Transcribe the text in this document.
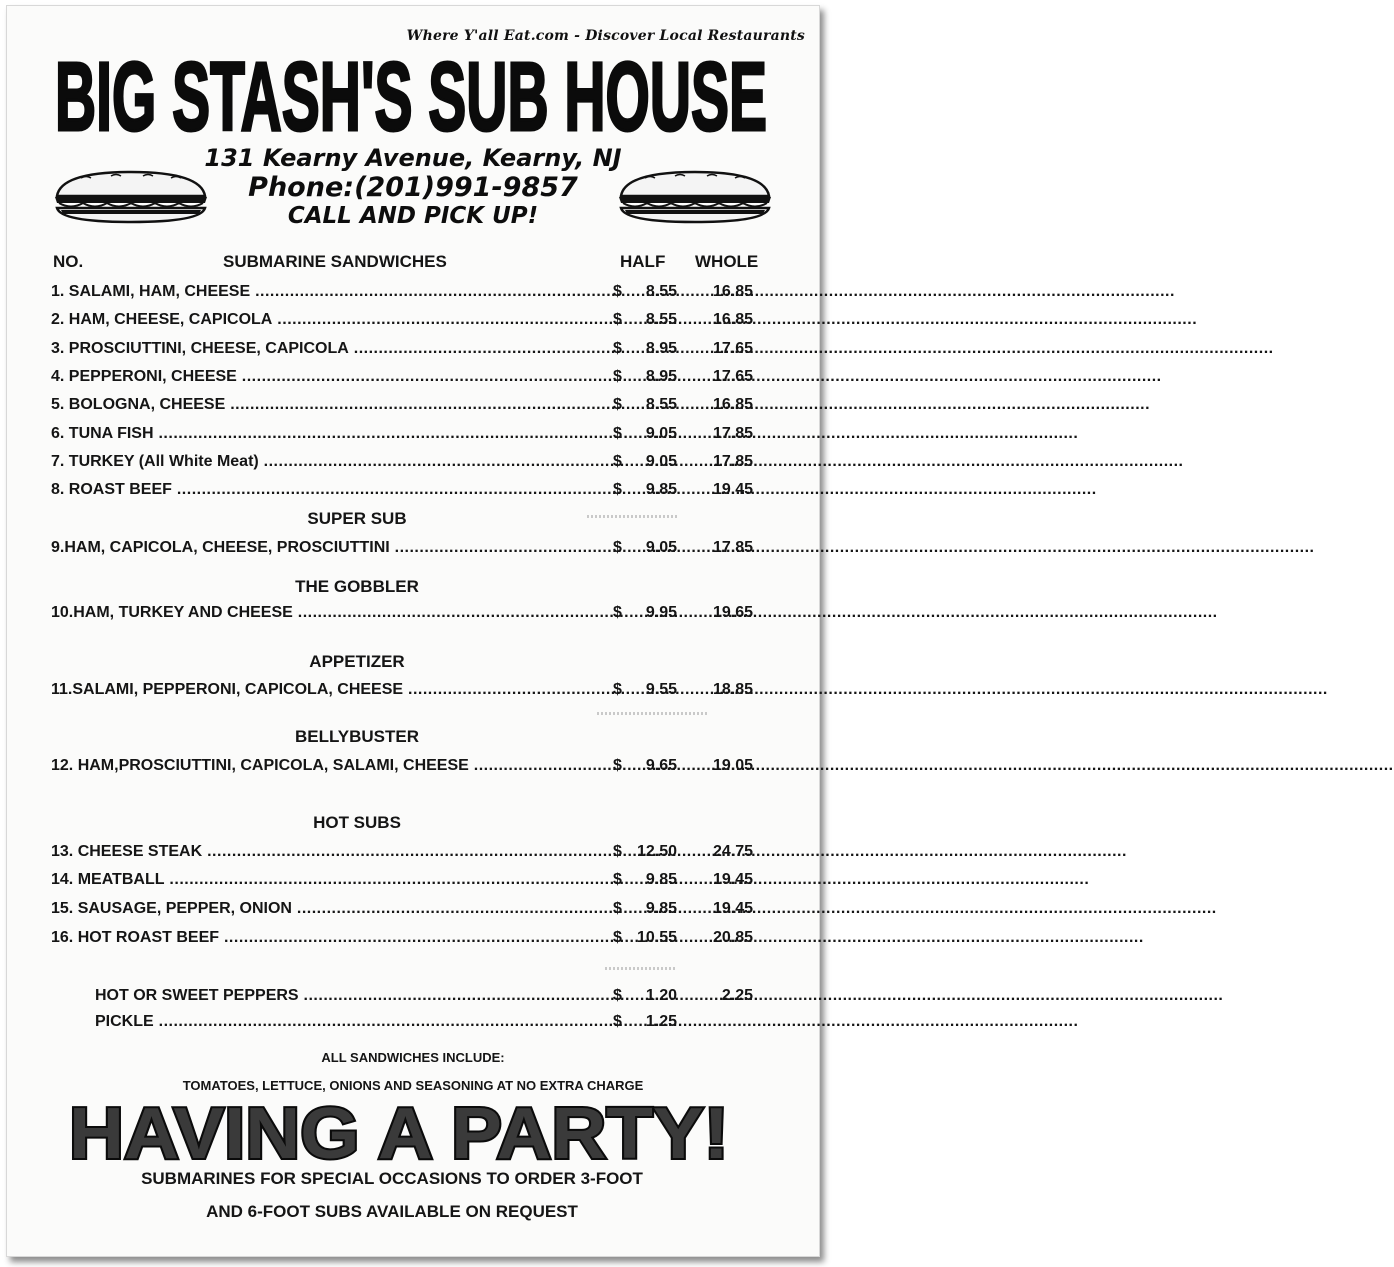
Where Y'all Eat.com - Discover Local Restaurants
BIG STASH'S SUB HOUSE
131 Kearny Avenue, Kearny, NJ
Phone:(201)991-9857
CALL AND PICK UP!
NO.	SUBMARINE SANDWICHES	HALF WHOLE
1. SALAMI, HAM, CHEESE .....	$	8.55	16.85
2. HAM, CHEESE, CAPICOLA .....	$	8.55	16.85
3. PROSCIUTTINI, CHEESE, CAPICOLA .....	$	8.95	17.65
4. PEPPERONI, CHEESE .....	$	8.95	17.65
5. BOLOGNA, CHEESE .....	$	8.55	16.85
6. TUNA FISH .....	$	9.05	17.85
7. TURKEY (All White Meat) .....	$	9.05	17.85
8. ROAST BEEF .....	$	9.85	19.45
SUPER SUB
9.HAM, CAPICOLA, CHEESE, PROSCIUTTINI .....	$	9.05	17.85
THE GOBBLER
10.HAM, TURKEY AND CHEESE .....	$	9.95	19.65
APPETIZER
11.SALAMI, PEPPERONI, CAPICOLA, CHEESE .....	$	9.55	18.85
BELLYBUSTER
12. HAM,PROSCIUTTINI, CAPICOLA, SALAMI, CHEESE .....	$	9.65	19.05
HOT SUBS
13. CHEESE STEAK .....	$ 12.50	24.75
14. MEATBALL .....	$	9.85	19.45
15. SAUSAGE, PEPPER, ONION .....	$	9.85	19.45
16. HOT ROAST BEEF .....	$ 10.55	20.85
HOT OR SWEET PEPPERS .....	$	1.20	2.25
PICKLE .....	$	1.25
ALL SANDWICHES INCLUDE:
TOMATOES, LETTUCE, ONIONS AND SEASONING AT NO EXTRA CHARGE
HAVING A PARTY!
SUBMARINES FOR SPECIAL OCCASIONS TO ORDER 3-FOOT
AND 6-FOOT SUBS AVAILABLE ON REQUEST
